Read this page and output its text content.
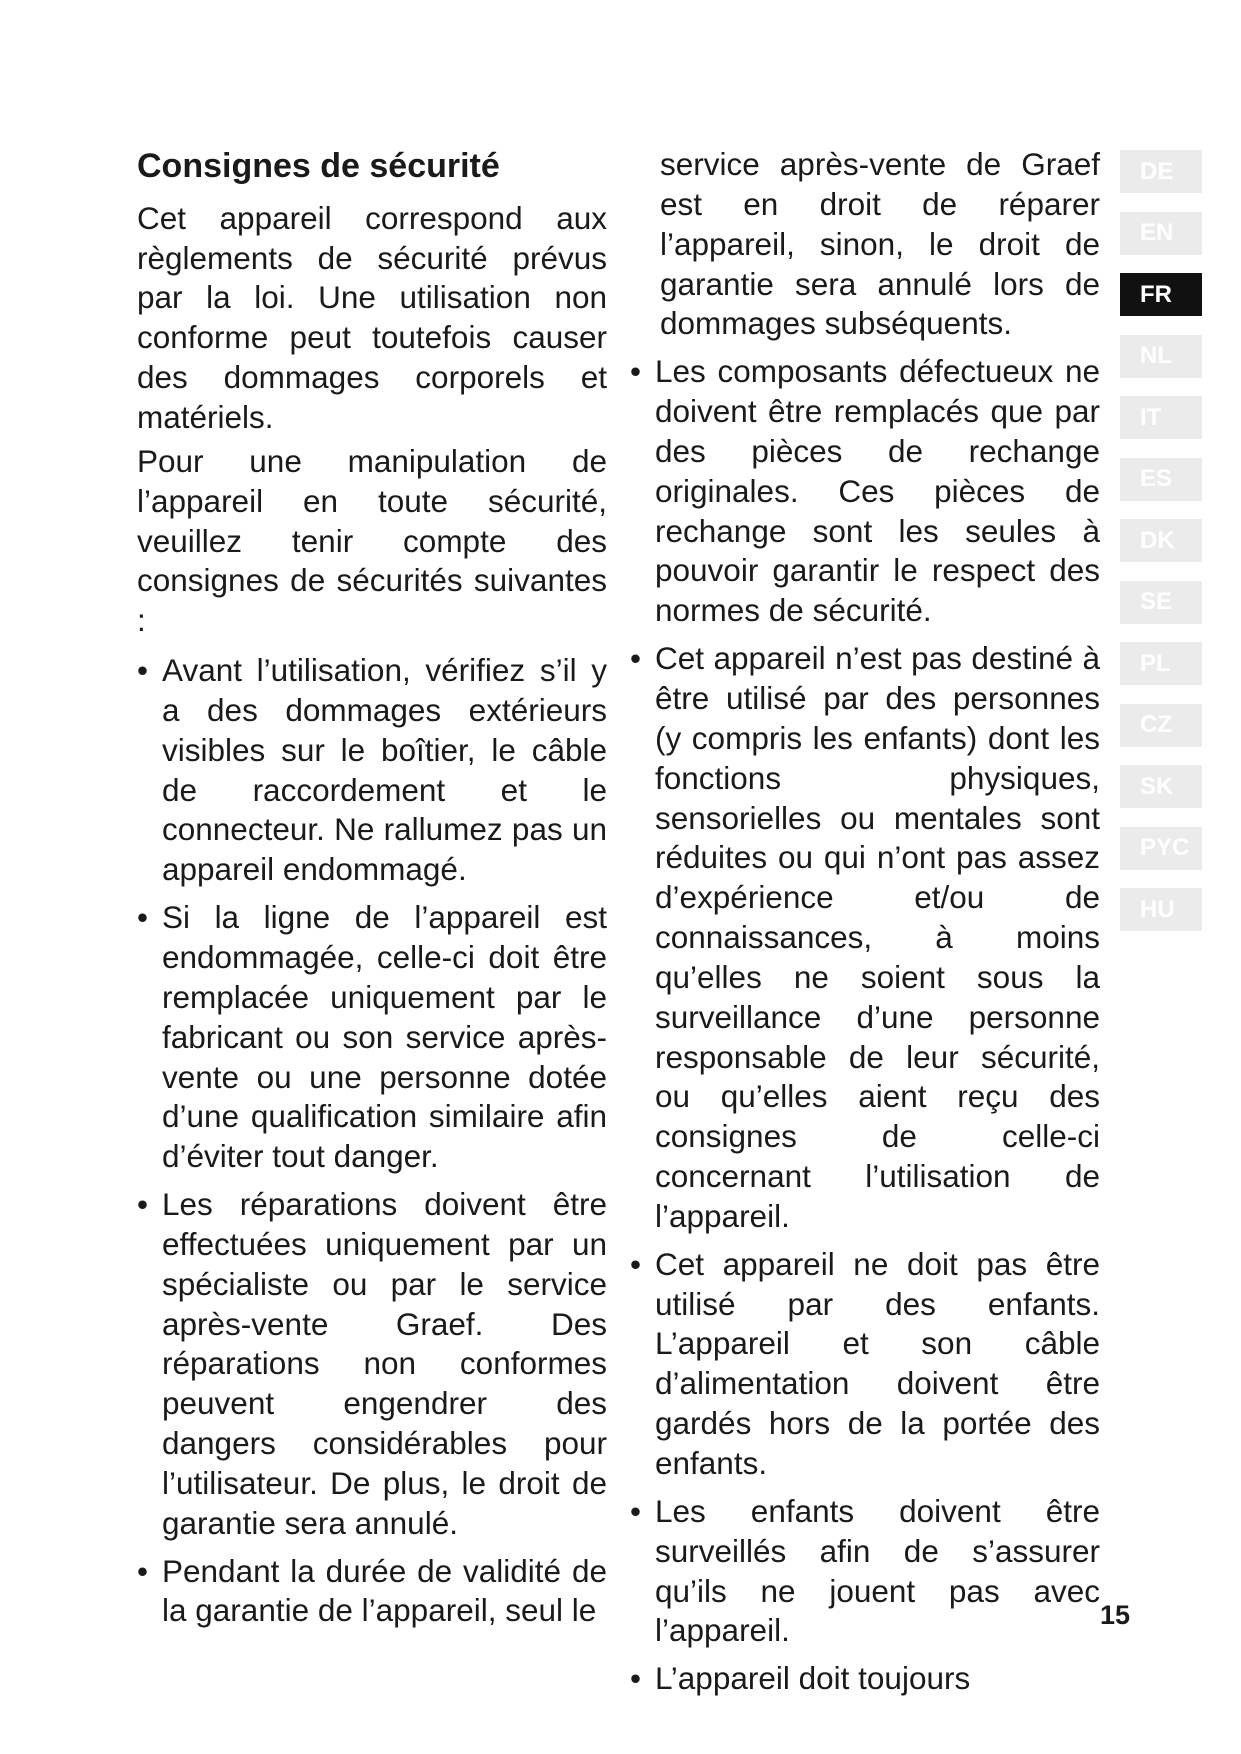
Consignes de sécurité

Cet appareil correspond aux règlements de sécurité prévus par la loi. Une utilisation non conforme peut toutefois causer des dommages corporels et matériels.

Pour une manipulation de l’appareil en toute sécurité, veuillez tenir compte des consignes de sécurités suivantes :

• Avant l’utilisation, vérifiez s’il y a des dommages extérieurs visibles sur le boîtier, le câble de raccordement et le connecteur. Ne rallumez pas un appareil endommagé.

• Si la ligne de l’appareil est endommagée, celle-ci doit être remplacée uniquement par le fabricant ou son service après-vente ou une personne dotée d’une qualification similaire afin d’éviter tout danger.

• Les réparations doivent être effectuées uniquement par un spécialiste ou par le service après-vente Graef. Des réparations non conformes peuvent engendrer des dangers considérables pour l’utilisateur. De plus, le droit de garantie sera annulé.

• Pendant la durée de validité de la garantie de l’appareil, seul le

service après-vente de Graef est en droit de réparer l’appareil, sinon, le droit de garantie sera annulé lors de dommages subséquents.

• Les composants défectueux ne doivent être remplacés que par des pièces de rechange originales. Ces pièces de rechange sont les seules à pouvoir garantir le respect des normes de sécurité.

• Cet appareil n’est pas destiné à être utilisé par des personnes (y compris les enfants) dont les fonctions physiques, sensorielles ou mentales sont réduites ou qui n’ont pas assez d’expérience et/ou de connaissances, à moins qu’elles ne soient sous la surveillance d’une personne responsable de leur sécurité, ou qu’elles aient reçu des consignes de celle-ci concernant l’utilisation de l’appareil.

• Cet appareil ne doit pas être utilisé par des enfants. L’appareil et son câble d’alimentation doivent être gardés hors de la portée des enfants.

• Les enfants doivent être surveillés afin de s’assurer qu’ils ne jouent pas avec l’appareil.

• L’appareil doit toujours

DE
EN
FR
NL
IT
ES
DK
SE
PL
CZ
SK
PYC
HU
15
